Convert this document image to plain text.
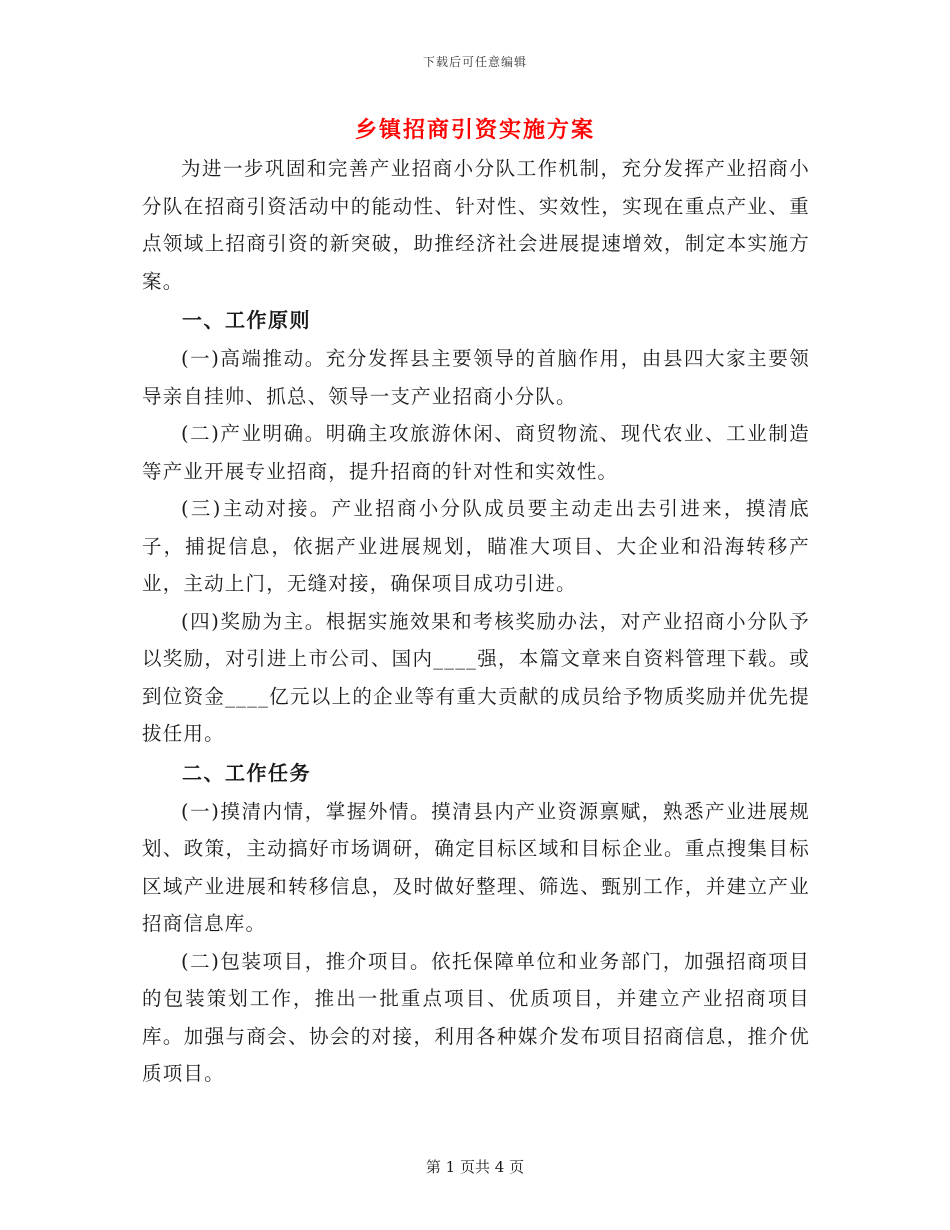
下载后可任意编辑
乡镇招商引资实施方案

为进一步巩固和完善产业招商小分队工作机制，充分发挥产业招商小分队在招商引资活动中的能动性、针对性、实效性，实现在重点产业、重点领域上招商引资的新突破，助推经济社会进展提速增效，制定本实施方案。

一、工作原则

(一)高端推动。充分发挥县主要领导的首脑作用，由县四大家主要领导亲自挂帅、抓总、领导一支产业招商小分队。

(二)产业明确。明确主攻旅游休闲、商贸物流、现代农业、工业制造等产业开展专业招商，提升招商的针对性和实效性。

(三)主动对接。产业招商小分队成员要主动走出去引进来，摸清底子，捕捉信息，依据产业进展规划，瞄准大项目、大企业和沿海转移产业，主动上门，无缝对接，确保项目成功引进。

(四)奖励为主。根据实施效果和考核奖励办法，对产业招商小分队予以奖励，对引进上市公司、国内____强，本篇文章来自资料管理下载。或到位资金____亿元以上的企业等有重大贡献的成员给予物质奖励并优先提拔任用。

二、工作任务

(一)摸清内情，掌握外情。摸清县内产业资源禀赋，熟悉产业进展规划、政策，主动搞好市场调研，确定目标区域和目标企业。重点搜集目标区域产业进展和转移信息，及时做好整理、筛选、甄别工作，并建立产业招商信息库。

(二)包装项目，推介项目。依托保障单位和业务部门，加强招商项目的包装策划工作，推出一批重点项目、优质项目，并建立产业招商项目库。加强与商会、协会的对接，利用各种媒介发布项目招商信息，推介优质项目。

第 1 页共 4 页
